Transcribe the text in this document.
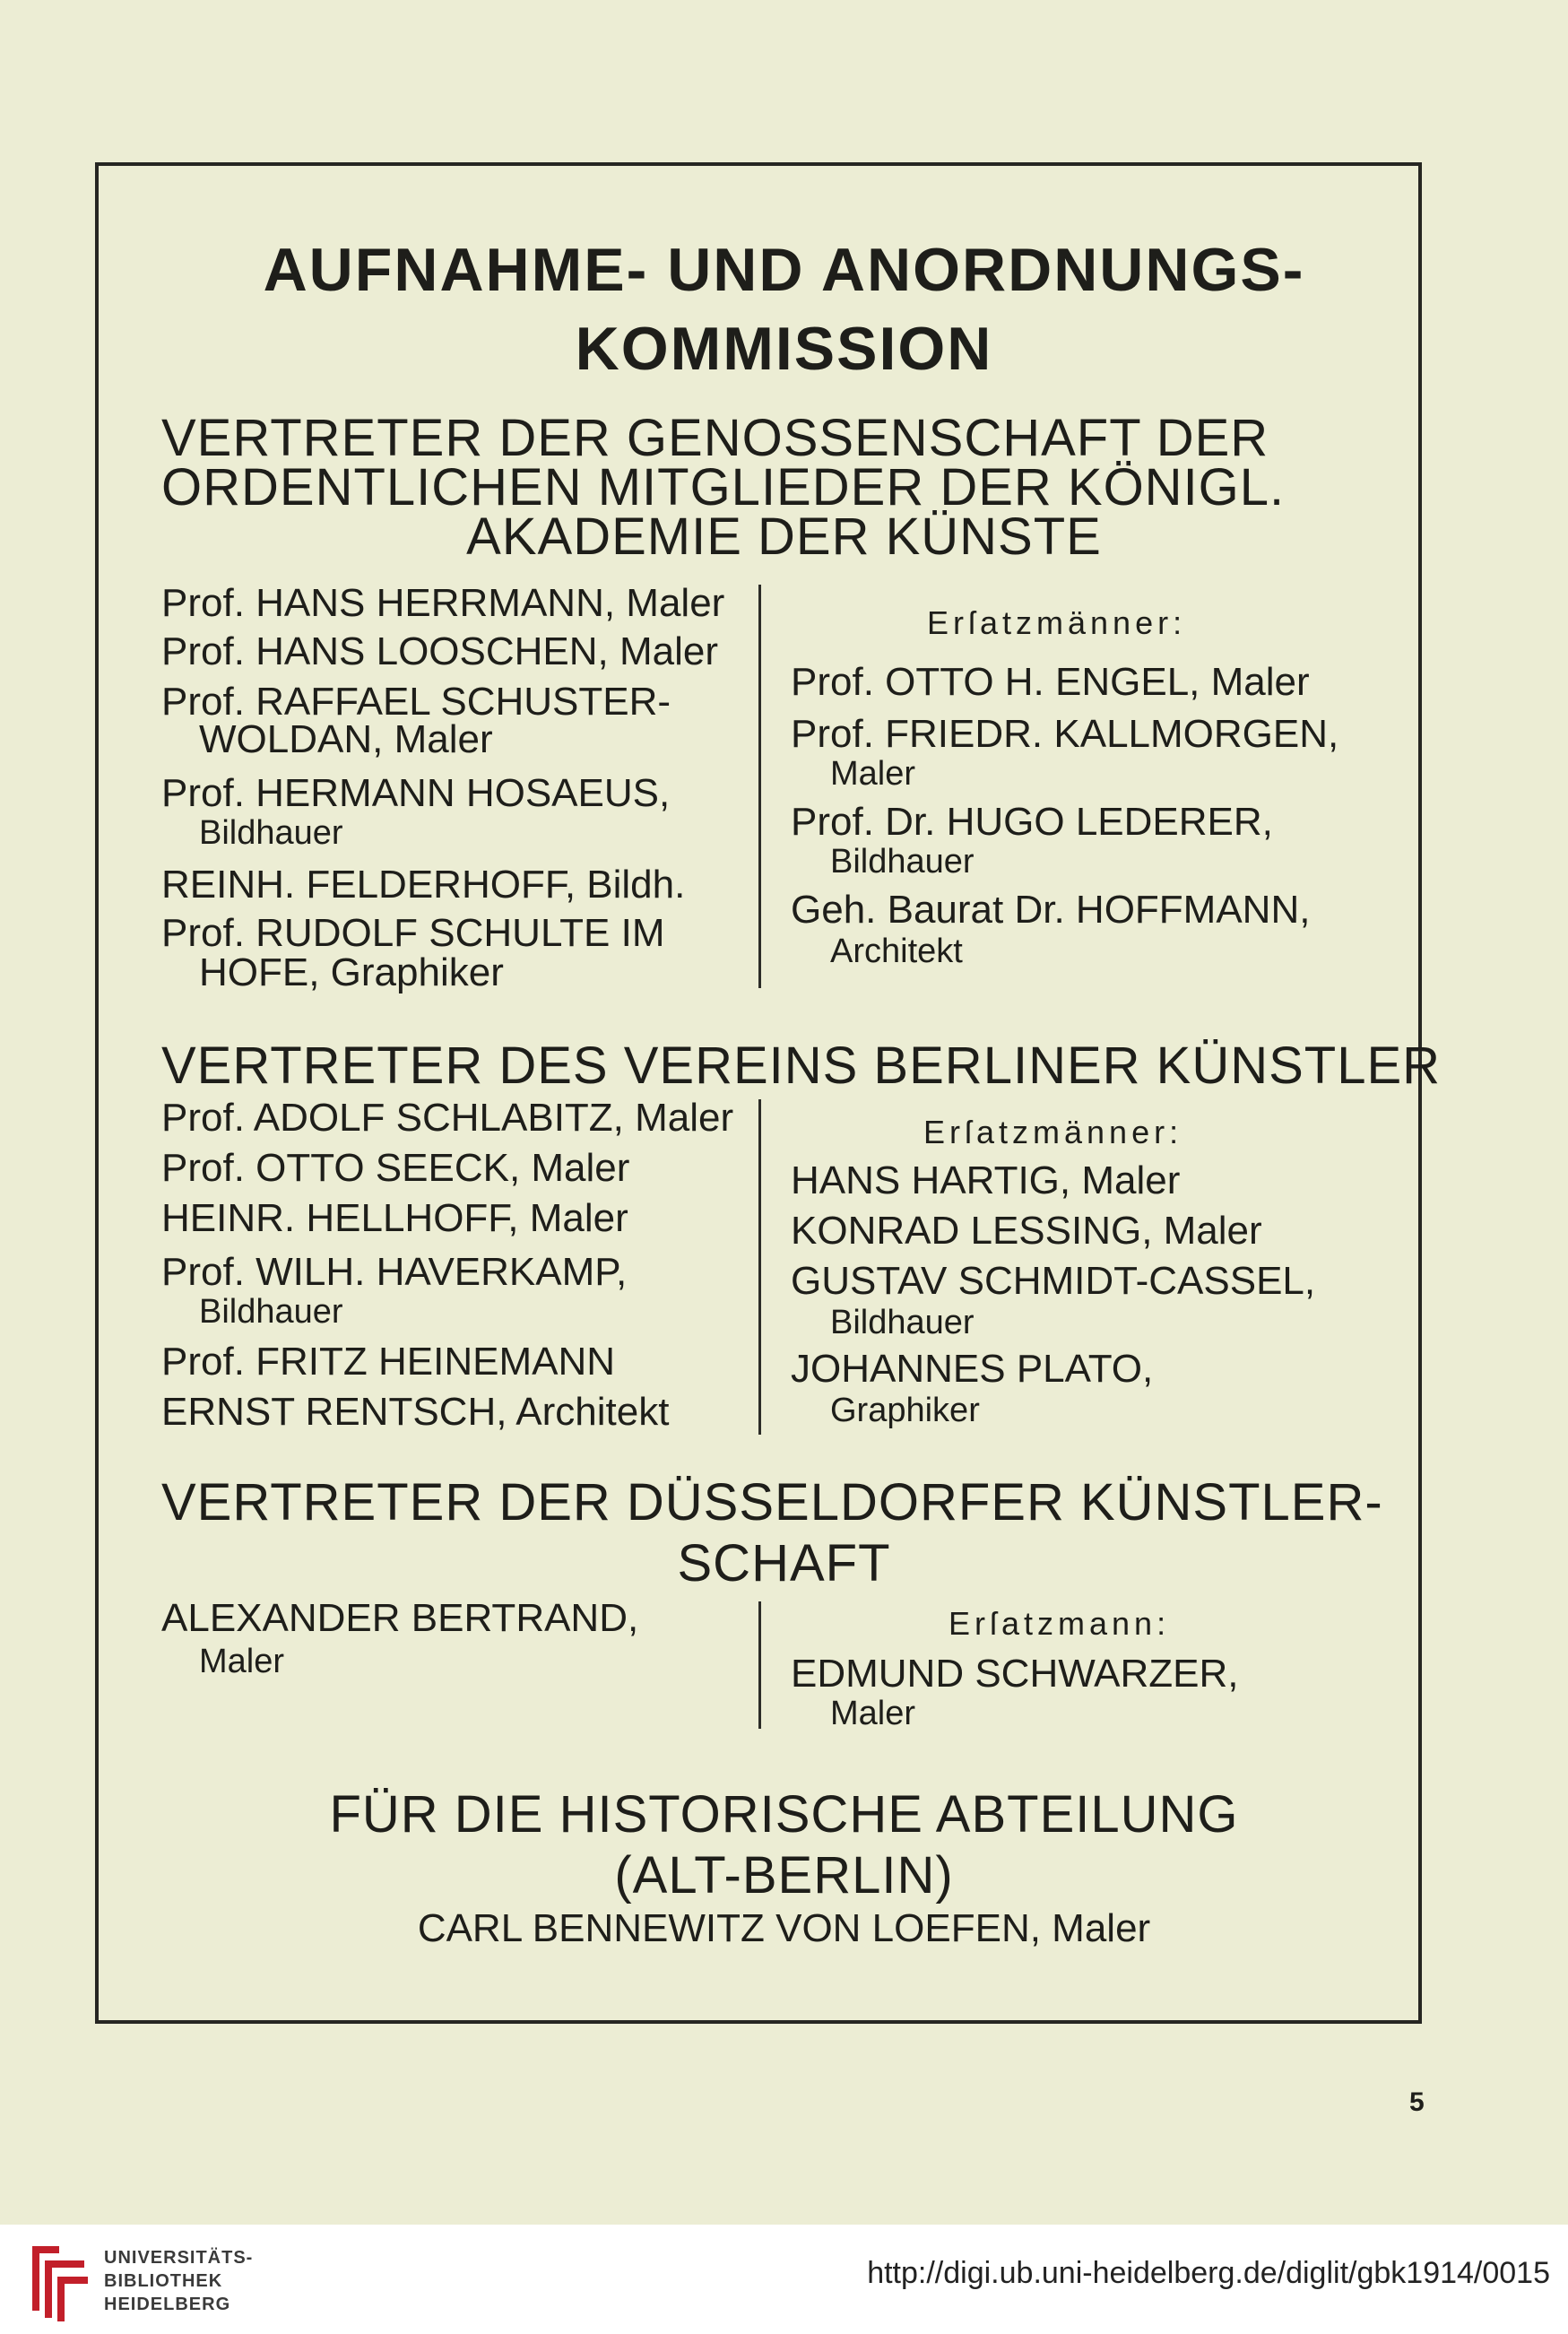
AUFNAHME- UND ANORDNUNGS-
KOMMISSION
VERTRETER DER GENOSSENSCHAFT DER
ORDENTLICHEN MITGLIEDER DER KÖNIGL.
AKADEMIE DER KÜNSTE
Prof. HANS HERRMANN, Maler
Prof. HANS LOOSCHEN, Maler
Prof. RAFFAEL SCHUSTER-
WOLDAN, Maler
Prof. HERMANN HOSAEUS,
Bildhauer
REINH. FELDERHOFF, Bildh.
Prof. RUDOLF SCHULTE IM
HOFE, Graphiker
Erſatzmänner:
Prof. OTTO H. ENGEL, Maler
Prof. FRIEDR. KALLMORGEN,
Maler
Prof. Dr. HUGO LEDERER,
Bildhauer
Geh. Baurat Dr. HOFFMANN,
Architekt
VERTRETER DES VEREINS BERLINER KÜNSTLER
Prof. ADOLF SCHLABITZ, Maler
Prof. OTTO SEECK, Maler
HEINR. HELLHOFF, Maler
Prof. WILH. HAVERKAMP,
Bildhauer
Prof. FRITZ HEINEMANN
ERNST RENTSCH, Architekt
Erſatzmänner:
HANS HARTIG, Maler
KONRAD LESSING, Maler
GUSTAV SCHMIDT-CASSEL,
Bildhauer
JOHANNES PLATO,
Graphiker
VERTRETER DER DÜSSELDORFER KÜNSTLER-
SCHAFT
ALEXANDER BERTRAND,
Maler
Erſatzmann:
EDMUND SCHWARZER,
Maler
FÜR DIE HISTORISCHE ABTEILUNG
(ALT-BERLIN)
CARL BENNEWITZ VON LOEFEN, Maler
5
UNIVERSITÄTS-
BIBLIOTHEK
HEIDELBERG
http://digi.ub.uni-heidelberg.de/diglit/gbk1914/0015
